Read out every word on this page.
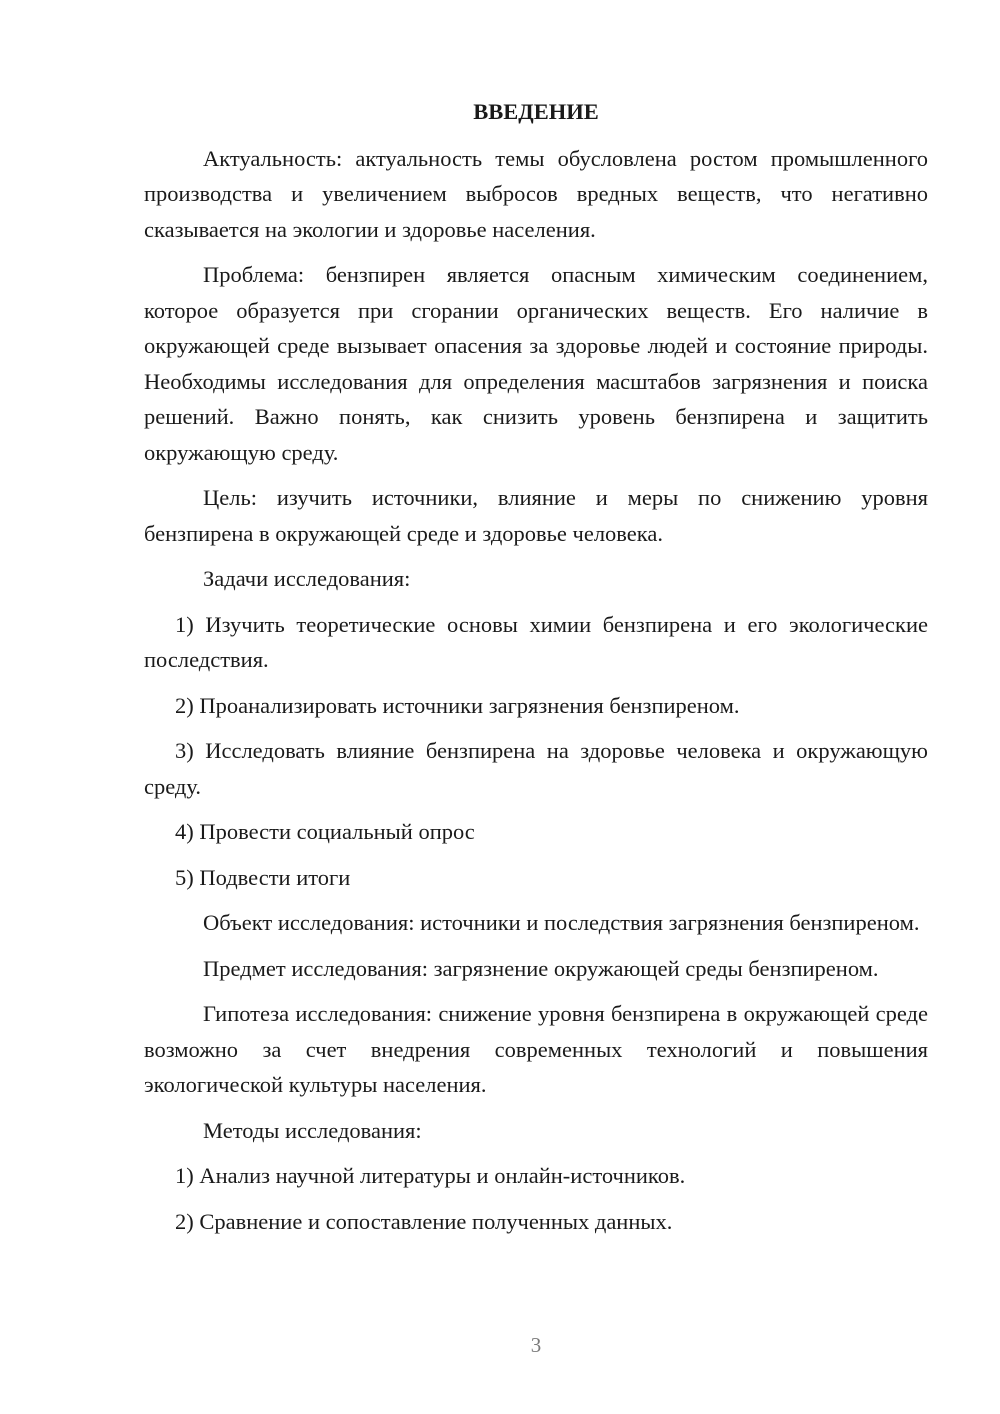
ВВЕДЕНИЕ
Актуальность: актуальность темы обусловлена ростом промышленного производства и увеличением выбросов вредных веществ, что негативно сказывается на экологии и здоровье населения.
Проблема: бензпирен является опасным химическим соединением, которое образуется при сгорании органических веществ. Его наличие в окружающей среде вызывает опасения за здоровье людей и состояние природы. Необходимы исследования для определения масштабов загрязнения и поиска решений. Важно понять, как снизить уровень бензпирена и защитить окружающую среду.
Цель: изучить источники, влияние и меры по снижению уровня бензпирена в окружающей среде и здоровье человека.
Задачи исследования:
1) Изучить теоретические основы химии бензпирена и его экологические последствия.
2) Проанализировать источники загрязнения бензпиреном.
3) Исследовать влияние бензпирена на здоровье человека и окружающую среду.
4) Провести социальный опрос
5) Подвести итоги
Объект исследования: источники и последствия загрязнения бензпиреном.
Предмет исследования: загрязнение окружающей среды бензпиреном.
Гипотеза исследования: снижение уровня бензпирена в окружающей среде возможно за счет внедрения современных технологий и повышения экологической культуры населения.
Методы исследования:
1) Анализ научной литературы и онлайн-источников.
2) Сравнение и сопоставление полученных данных.
3
